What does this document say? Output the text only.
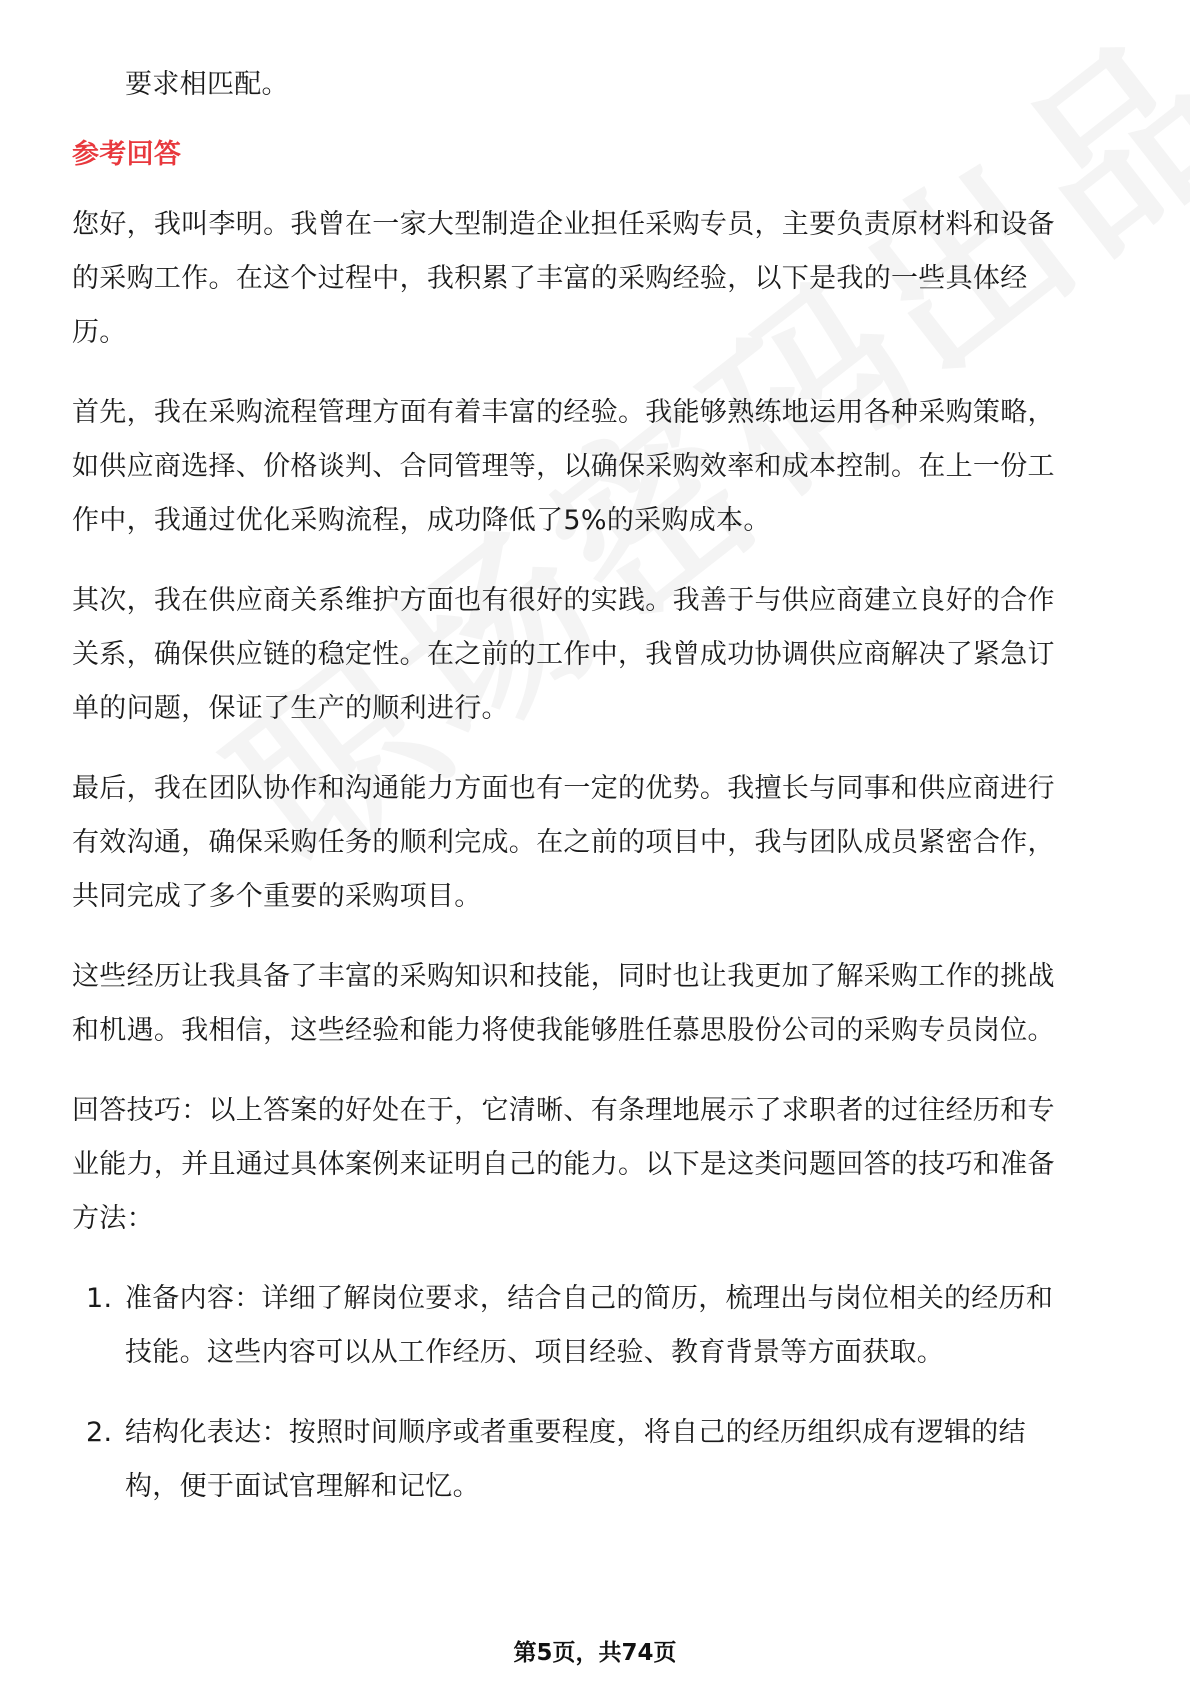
要求相匹配。
参考回答
您好，我叫李明。我曾在一家大型制造企业担任采购专员，主要负责原材料和设备
的采购工作。在这个过程中，我积累了丰富的采购经验，以下是我的一些具体经
历。
首先，我在采购流程管理方面有着丰富的经验。我能够熟练地运用各种采购策略，
如供应商选择、价格谈判、合同管理等，以确保采购效率和成本控制。在上一份工
作中，我通过优化采购流程，成功降低了5%的采购成本。
其次，我在供应商关系维护方面也有很好的实践。我善于与供应商建立良好的合作
关系，确保供应链的稳定性。在之前的工作中，我曾成功协调供应商解决了紧急订
单的问题，保证了生产的顺利进行。
最后，我在团队协作和沟通能力方面也有一定的优势。我擅长与同事和供应商进行
有效沟通，确保采购任务的顺利完成。在之前的项目中，我与团队成员紧密合作，
共同完成了多个重要的采购项目。
这些经历让我具备了丰富的采购知识和技能，同时也让我更加了解采购工作的挑战
和机遇。我相信，这些经验和能力将使我能够胜任慕思股份公司的采购专员岗位。
回答技巧：以上答案的好处在于，它清晰、有条理地展示了求职者的过往经历和专
业能力，并且通过具体案例来证明自己的能力。以下是这类问题回答的技巧和准备
方法：
1. 准备内容：详细了解岗位要求，结合自己的简历，梳理出与岗位相关的经历和
技能。这些内容可以从工作经历、项目经验、教育背景等方面获取。
2. 结构化表达：按照时间顺序或者重要程度，将自己的经历组织成有逻辑的结
构，便于面试官理解和记忆。
第5页，共74页
